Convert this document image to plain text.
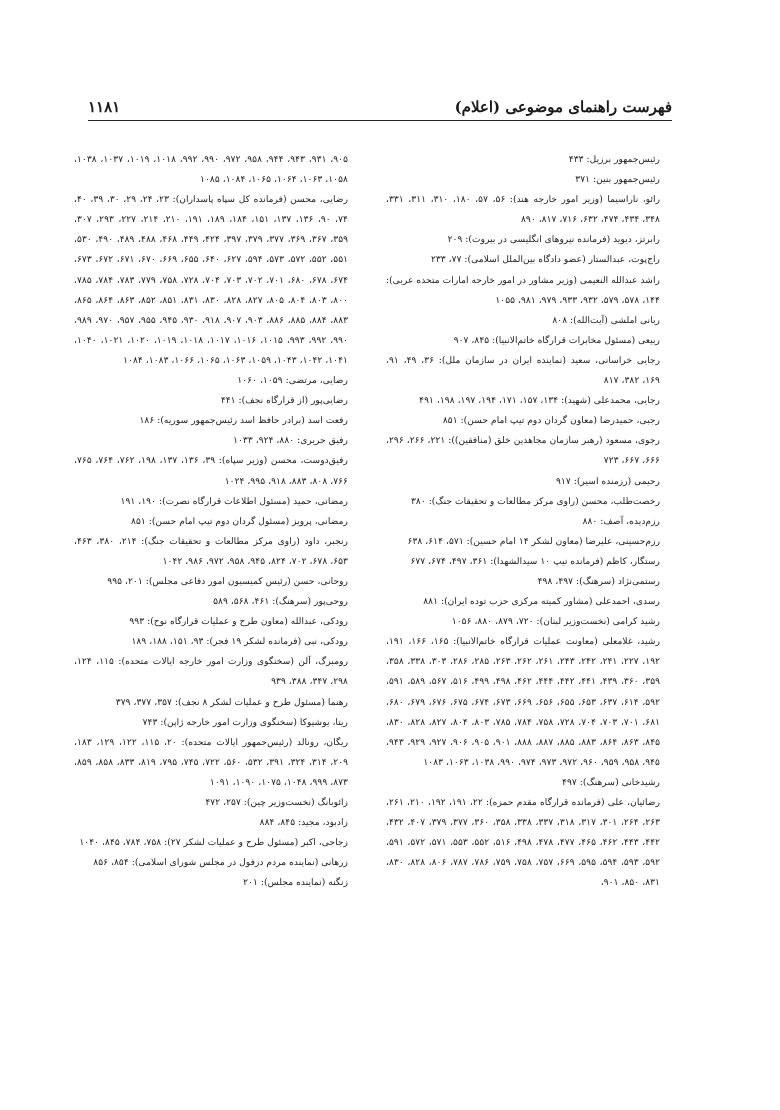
فهرست راهنمای موضوعی (اعلام)
۱۱۸۱

رئیس‌جمهور برزیل: ۴۳۳

رئیس‌جمهور بنین: ۳۷۱

رائو، ناراسیما (وزیر امور خارجه هند): ۵۶، ۵۷، ۱۸۰، ۳۱۰، ۳۱۱، ۳۳۱، ۳۴۸، ۴۳۴، ۴۷۴، ۶۳۲، ۷۱۶، ۸۱۷، ۸۹۰

رابرتز، دیوید (فرمانده نیروهای انگلیسی در بیروت): ۲۰۹

راج‌پوت، عبدالستار (عضو دادگاه بین‌الملل اسلامی): ۷۷، ۲۳۳

راشد عبدالله النعیمی (وزیر مشاور در امور خارجه امارات متحده عربی): ۱۴۴، ۵۷۸، ۵۷۹، ۹۳۲، ۹۳۳، ۹۷۹، ۹۸۱، ۱۰۵۵

ربانی املشی (آیت‌الله): ۸۰۸

ربیعی (مسئول مخابرات قرارگاه خاتم‌الانبیا): ۸۴۵، ۹۰۷

رجایی خراسانی، سعید (نماینده ایران در سازمان ملل): ۳۶، ۴۹، ۹۱، ۱۶۹، ۳۸۲، ۸۱۷

رجایی، محمدعلی (شهید): ۱۳۴، ۱۵۷، ۱۷۱، ۱۹۴، ۱۹۷، ۱۹۸، ۴۹۱

رجبی، حمیدرضا (معاون گردان دوم تیپ امام حسن): ۸۵۱

رجوی، مسعود (رهبر سازمان مجاهدین خلق (منافقین)): ۲۲۱، ۲۶۶، ۲۹۶، ۶۶۶، ۶۶۷، ۷۲۳

رحیمی (رزمنده اسیر): ۹۱۷

رخصت‌طلب، محسن (راوی مرکز مطالعات و تحقیقات جنگ): ۳۸۰

رزم‌دیده، آصف: ۸۸۰

رزم‌حسینی، علیرضا (معاون لشکر ۱۴ امام حسین): ۵۷۱، ۶۱۴، ۶۳۸

رستگار، کاظم (فرمانده تیپ ۱۰ سیدالشهدا): ۳۶۱، ۴۹۷، ۶۷۴، ۶۷۷

رستمی‌نژاد (سرهنگ): ۴۹۷، ۴۹۸

رسدی، احمدعلی (مشاور کمیته مرکزی حزب توده ایران): ۸۸۱

رشید کرامی (نخست‌وزیر لبنان): ۷۲۰، ۸۷۹، ۸۸۰، ۱۰۵۶

رشید، غلامعلی (معاونت عملیات قرارگاه خاتم‌الانبیا): ۱۶۵، ۱۶۶، ۱۹۱، ۱۹۲، ۲۲۷، ۲۴۱، ۲۴۲، ۲۴۳، ۲۶۱، ۲۶۲، ۲۶۳، ۲۸۵، ۲۸۶، ۳۰۳، ۳۳۸، ۳۵۸، ۳۵۹، ۳۶۰، ۴۳۹، ۴۴۱، ۴۴۲، ۴۴۴، ۴۶۲، ۴۹۸، ۴۹۹، ۵۱۶، ۵۶۷، ۵۸۹، ۵۹۱، ۵۹۲، ۶۱۴، ۶۳۷، ۶۵۳، ۶۵۵، ۶۵۶، ۶۶۹، ۶۷۳، ۶۷۴، ۶۷۵، ۶۷۶، ۶۷۹، ۶۸۰، ۶۸۱، ۷۰۱، ۷۰۳، ۷۰۴، ۷۲۸، ۷۵۸، ۷۸۴، ۷۸۵، ۸۰۳، ۸۰۴، ۸۲۷، ۸۲۸، ۸۳۰، ۸۴۵، ۸۶۳، ۸۶۴، ۸۸۳، ۸۸۵، ۸۸۷، ۸۸۸، ۹۰۱، ۹۰۵، ۹۰۶، ۹۲۷، ۹۲۹، ۹۴۳، ۹۴۵، ۹۵۸، ۹۵۹، ۹۶۰، ۹۷۲، ۹۷۳، ۹۷۴، ۹۹۰، ۱۰۳۸، ۱۰۶۳، ۱۰۸۳

رشیدخانی (سرهنگ): ۴۹۷

رضائیان، علی (فرمانده قرارگاه مقدم حمزه): ۲۲، ۱۹۱، ۱۹۲، ۲۱۰، ۲۶۱، ۲۶۳، ۲۶۴، ۳۰۱، ۳۱۷، ۳۱۸، ۳۳۷، ۳۳۸، ۳۵۸، ۳۶۰، ۳۷۷، ۳۷۹، ۴۰۷، ۴۳۲، ۴۴۲، ۴۴۳، ۴۶۲، ۴۶۵، ۴۷۷، ۴۷۸، ۴۹۸، ۵۱۶، ۵۵۲، ۵۵۳، ۵۷۱، ۵۷۲، ۵۹۱، ۵۹۲، ۵۹۳، ۵۹۴، ۵۹۵، ۶۶۹، ۷۵۷، ۷۵۸، ۷۵۹، ۷۸۶، ۷۸۷، ۸۰۶، ۸۲۸، ۸۳۰، ۸۳۱، ۸۵۰، ۹۰۱،

۹۰۵، ۹۳۱، ۹۴۳، ۹۴۴، ۹۵۸، ۹۷۲، ۹۹۰، ۹۹۲، ۱۰۱۸، ۱۰۱۹، ۱۰۳۷، ۱۰۳۸، ۱۰۵۸، ۱۰۶۳، ۱۰۶۴، ۱۰۶۵، ۱۰۸۴، ۱۰۸۵

رضایی، محسن (فرمانده کل سپاه پاسداران): ۲۳، ۲۴، ۲۹، ۳۰، ۳۹، ۴۰، ۷۴، ۹۰، ۱۳۶، ۱۳۷، ۱۵۱، ۱۸۴، ۱۸۹، ۱۹۱، ۲۱۰، ۲۱۴، ۲۲۷، ۲۹۳، ۳۰۷، ۳۵۹، ۳۶۷، ۳۶۹، ۳۷۷، ۳۷۹، ۳۹۷، ۴۲۴، ۴۴۹، ۴۶۸، ۴۸۸، ۴۸۹، ۴۹۰، ۵۳۰، ۵۵۱، ۵۵۲، ۵۷۲، ۵۷۳، ۵۹۴، ۶۲۷، ۶۴۰، ۶۵۵، ۶۶۹، ۶۷۰، ۶۷۱، ۶۷۲، ۶۷۳، ۶۷۴، ۶۷۸، ۶۸۰، ۷۰۱، ۷۰۲، ۷۰۳، ۷۰۴، ۷۲۸، ۷۵۸، ۷۷۹، ۷۸۳، ۷۸۴، ۷۸۵، ۸۰۰، ۸۰۳، ۸۰۴، ۸۰۵، ۸۲۷، ۸۲۸، ۸۳۰، ۸۳۱، ۸۵۱، ۸۵۲، ۸۶۳، ۸۶۴، ۸۶۵، ۸۸۳، ۸۸۴، ۸۸۵، ۸۸۶، ۹۰۳، ۹۰۷، ۹۱۸، ۹۳۰، ۹۴۵، ۹۵۵، ۹۵۷، ۹۷۰، ۹۸۹، ۹۹۰، ۹۹۲، ۹۹۳، ۱۰۱۵، ۱۰۱۶، ۱۰۱۷، ۱۰۱۸، ۱۰۱۹، ۱۰۲۰، ۱۰۲۱، ۱۰۴۰، ۱۰۴۱، ۱۰۴۲، ۱۰۴۳، ۱۰۵۹، ۱۰۶۳، ۱۰۶۵، ۱۰۶۶، ۱۰۸۳، ۱۰۸۴

رضایی، مرتضی: ۱۰۵۹، ۱۰۶۰

رضایی‌پور (از قرارگاه نجف): ۴۴۱

رفعت اسد (برادر حافظ اسد رئیس‌جمهور سوریه): ۱۸۶

رفیق حریری: ۸۸۰، ۹۲۴، ۱۰۳۳

رفیق‌دوست، محسن (وزیر سپاه): ۳۹، ۱۳۶، ۱۳۷، ۱۹۸، ۷۶۲، ۷۶۴، ۷۶۵، ۷۶۶، ۸۰۸، ۸۸۳، ۹۱۸، ۹۹۵، ۱۰۲۴

رمضانی، حمید (مسئول اطلاعات قرارگاه نصرت): ۱۹۰، ۱۹۱

رمضانی، پرویز (مسئول گردان دوم تیپ امام حسن): ۸۵۱

رنجبر، داود (راوی مرکز مطالعات و تحقیقات جنگ): ۲۱۴، ۳۸۰، ۴۶۳، ۶۵۳، ۶۷۸، ۷۰۲، ۸۲۴، ۹۴۵، ۹۵۸، ۹۷۲، ۹۸۶، ۱۰۴۲

روحانی، حسن (رئیس کمیسیون امور دفاعی مجلس): ۲۰۱، ۹۹۵

روحی‌پور (سرهنگ): ۴۶۱، ۵۶۸، ۵۸۹

رودکی، عبدالله (معاون طرح و عملیات قرارگاه نوح): ۹۹۳

رودکی، نبی (فرمانده لشکر ۱۹ فجر): ۹۳، ۱۵۱، ۱۸۸، ۱۸۹

رومبرگ، آلن (سخنگوی وزارت امور خارجه ایالات متحده): ۱۱۵، ۱۲۴، ۲۹۸، ۳۴۷، ۳۸۸، ۹۳۹

رهنما (مسئول طرح و عملیات لشکر ۸ نجف): ۳۵۷، ۳۷۷، ۳۷۹

ریتا، یوشیوکا (سخنگوی وزارت امور خارجه ژاپن): ۷۴۳

ریگان، رونالد (رئیس‌جمهور ایالات متحده): ۲۰، ۱۱۵، ۱۲۲، ۱۲۹، ۱۸۳، ۲۰۹، ۳۱۴، ۳۲۴، ۳۹۱، ۵۳۲، ۵۶۰، ۷۲۲، ۷۴۵، ۷۹۵، ۸۱۹، ۸۳۳، ۸۵۸، ۸۵۹، ۸۷۳، ۹۹۹، ۱۰۴۸، ۱۰۷۵، ۱۰۹۰، ۱۰۹۱

زائوبانگ (نخست‌وزیر چین): ۲۵۷، ۴۷۲

زادبود، مجید: ۸۴۵، ۸۸۴

زجاجی، اکبر (مسئول طرح و عملیات لشکر ۲۷): ۷۵۸، ۷۸۴، ۸۴۵، ۱۰۴۰

زرهانی (نماینده مردم دزفول در مجلس شورای اسلامی): ۸۵۴، ۸۵۶

زنگنه (نماینده مجلس): ۲۰۱
